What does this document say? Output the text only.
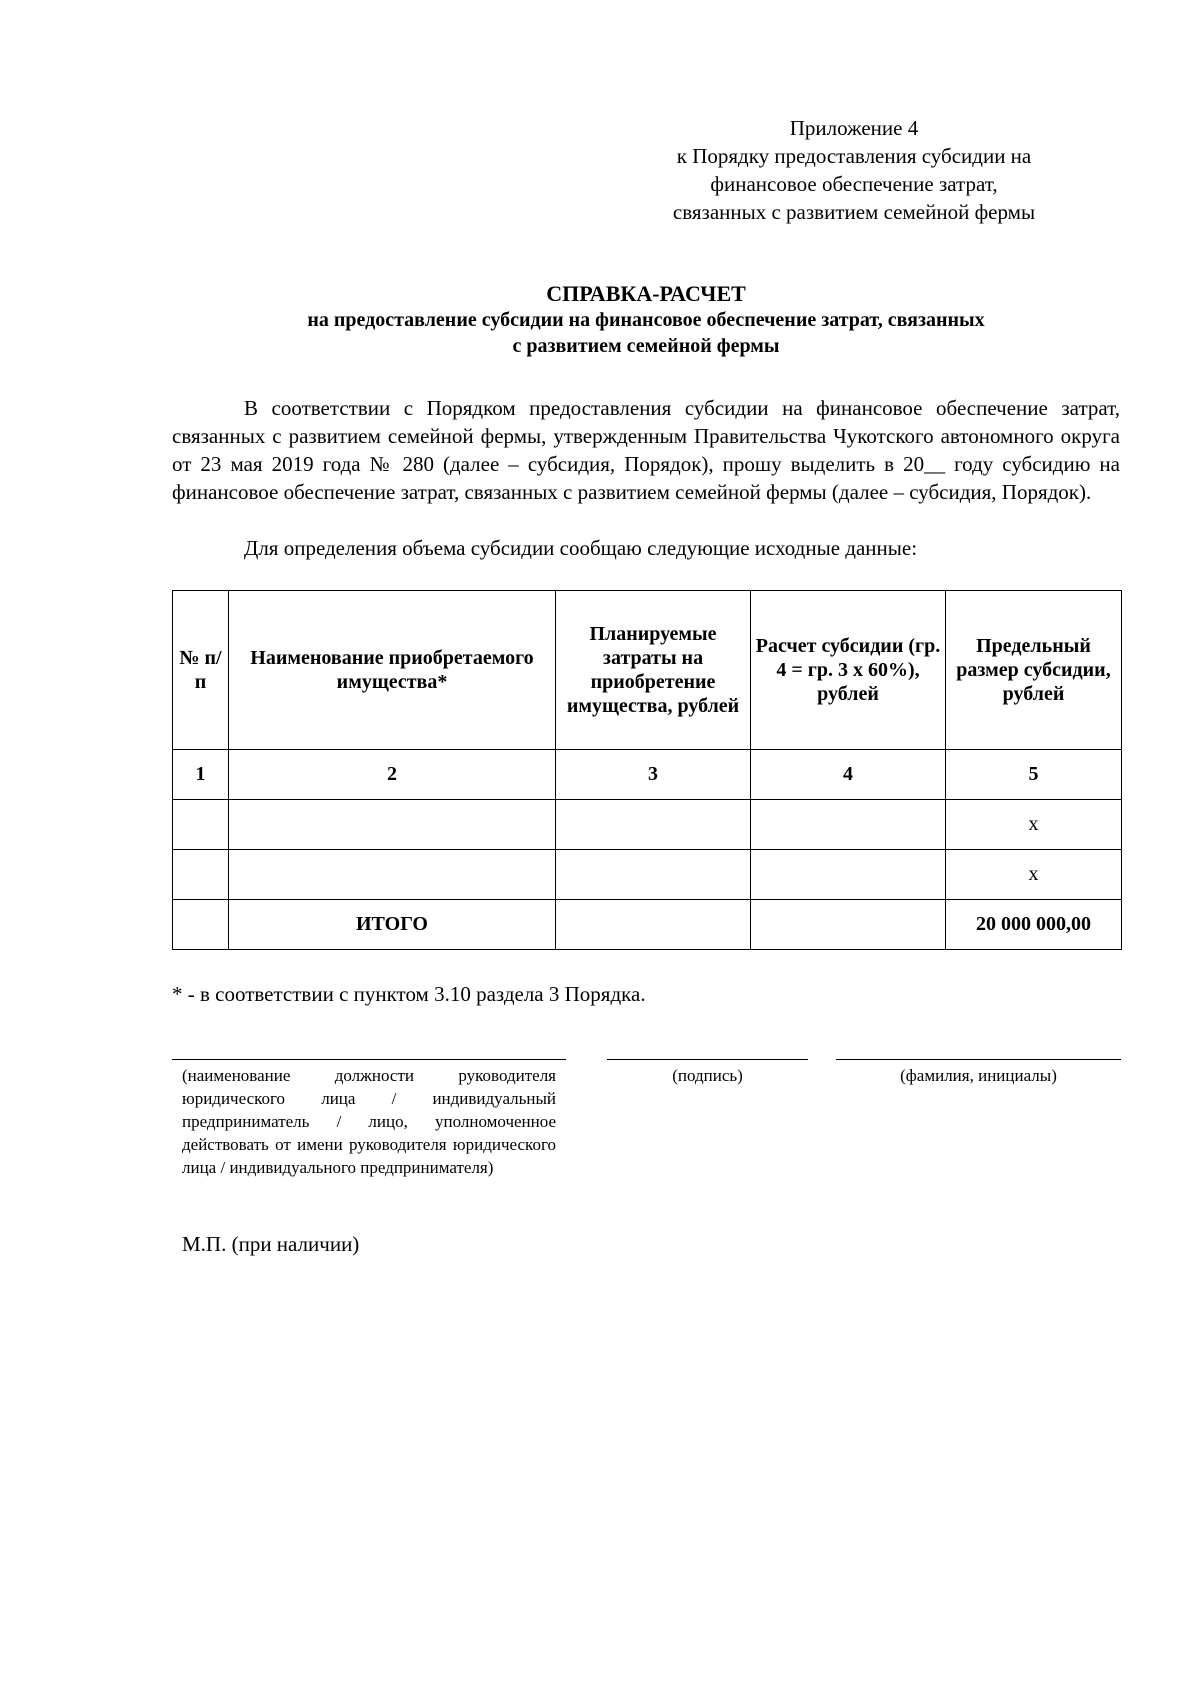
Приложение 4
к Порядку предоставления субсидии на
финансовое обеспечение затрат,
связанных с развитием семейной фермы
СПРАВКА-РАСЧЕТ
на предоставление субсидии на финансовое обеспечение затрат, связанных
с развитием семейной фермы
В соответствии с Порядком предоставления субсидии на финансовое обеспечение затрат, связанных с развитием семейной фермы, утвержденным Правительства Чукотского автономного округа от 23 мая 2019 года № 280 (далее – субсидия, Порядок), прошу выделить в 20__ году субсидию на финансовое обеспечение затрат, связанных с развитием семейной фермы (далее – субсидия, Порядок).
Для определения объема субсидии сообщаю следующие исходные данные:
№ п/п	Наименование приобретаемого имущества*	Планируемые затраты на приобретение имущества, рублей	Расчет субсидии (гр. 4 = гр. 3 х 60%), рублей	Предельный размер субсидии, рублей
1	2	3	4	5
				х
				х
	ИТОГО			20 000 000,00
* - в соответствии с пунктом 3.10 раздела 3 Порядка.
(наименование должности руководителя юридического лица / индивидуальный предприниматель / лицо, уполномоченное действовать от имени руководителя юридического лица / индивидуального предпринимателя)
(подпись)	(фамилия, инициалы)
М.П. (при наличии)
